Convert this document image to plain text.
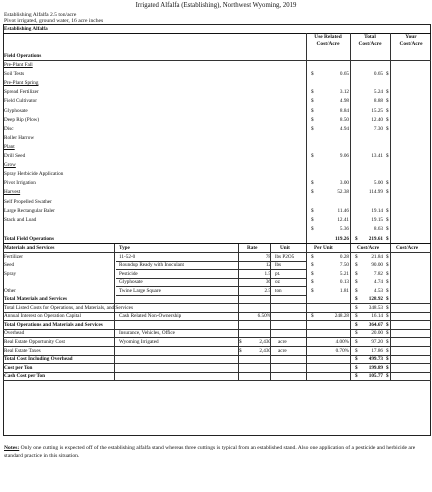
Irrigated Alfalfa (Establishing), Northwest Wyoming, 2019
Establishing Alfalfa 2.5 ton/acre
Pivot irrigated, ground water, 16 acre inches
Establishing Alfalfa
Use Related
Cost/Acre
Total
Cost/Acre
Your
Cost/Acre
Field Operations
Notes: Only one cutting is expected off of the establishing alfalfa stand whereas three cuttings is typical from an established stand. Also one application of a pesticide and herbicide are standard practice in this situation.
Pre-Plant Fall
Soil Tests	$	0.65	0.65 $
Pre-Plant Spring
Spread Fertilizer	$	3.12	5.24 $
Field Cultivator	$	4.98	8.88 $
Glyphosate	$	8.84	15.25 $
Deep Rip (Plow)	$	8.50	12.40 $
Disc	$	4.94	7.30 $
Roller Harrow
Plant
Drill Seed	$	9.06	13.41 $
Grow
Spray Herbicide Application
Pivot Irrigation	$	3.00	5.00 $
Harvest	$	52.38	114.99 $
Self Propelled Swather
Large Rectangular Baler	$	11.46	19.14 $
Stack and Load	$	12.41	19.15 $
$	5.36	8.63 $
Total Field Operations	119.26 $	219.61 $
Materials and Services	Type	Rate	Unit	Per Unit	Cost/Acre	Cost/Acre
Fertilizer	11-52-0	78 lbs P2O5	$	0.28 $	21.84 $
Seed	Roundup Ready with Inoculant	12 lbs	$	7.50 $	90.00 $
Spray	Pesticide	1.5 pt.	$	5.21 $	7.82 $
Glyphosate	36 oz	$	0.13 $	4.74 $
Other	Twine Large Square	2.5 ton	$	1.81 $	4.53 $
Total Materials and Services	$	128.92 $
Total Listed Costs for Operations, and Materials, and Services	$	348.53 $
Annual Interest on Operation Capital	Cash Related Non-Ownership	6.50%	$	248.28 $	16.14 $
Total Operations and Materials and Services	$	364.67 $
Overhead	Insurance, Vehicles, Office	$	20.00 $
Real Estate Opportunity Cost	Wyoming Irrigated	$	2,430 acre	4.00% $	97.20 $
Real Estate Taxes	$	2,430 acre	0.70% $	17.86 $
Total Cost Including Overhead	$	499.73 $
Cost per Ton	$	199.89 $
Cash Cost per Ton	$	105.77 $
